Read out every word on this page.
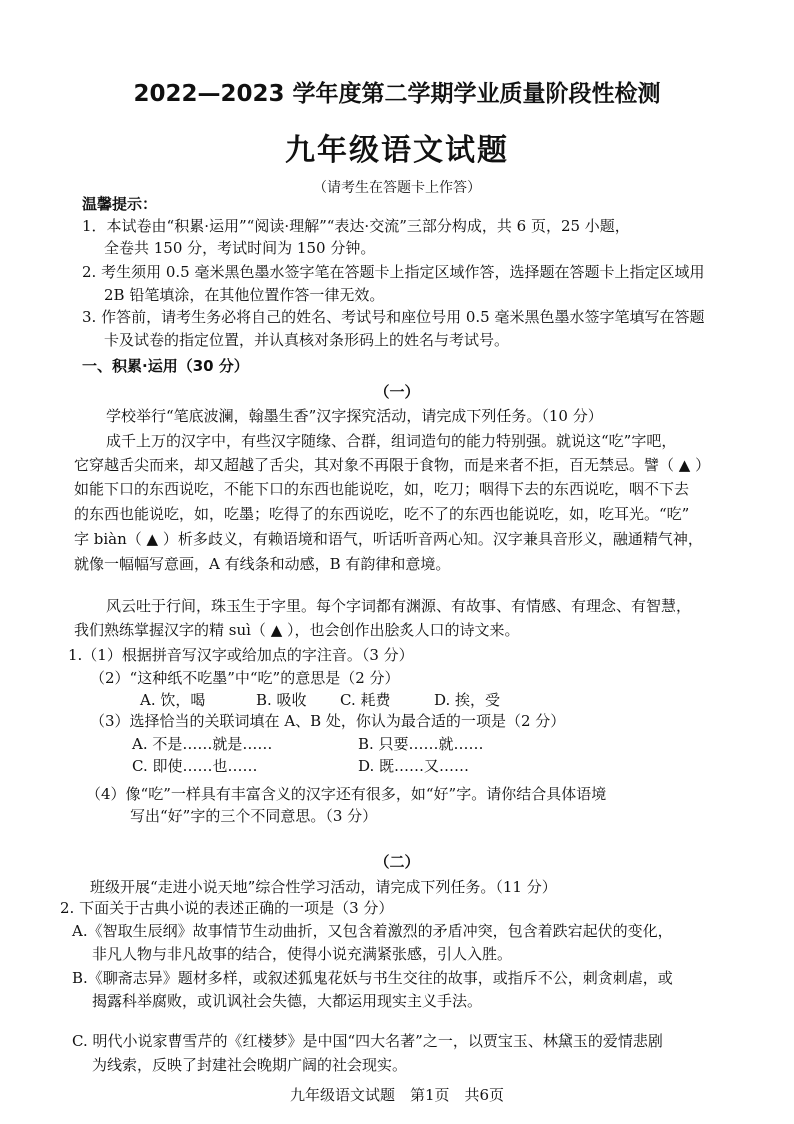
2022—2023 学年度第二学期学业质量阶段性检测
九年级语文试题
（请考生在答题卡上作答）
温馨提示：
1．本试卷由“积累·运用”“阅读·理解”“表达·交流”三部分构成，共 6 页，25 小题，
全卷共 150 分，考试时间为 150 分钟。
2. 考生须用 0.5 毫米黑色墨水签字笔在答题卡上指定区域作答，选择题在答题卡上指定区域用
2B 铅笔填涂，在其他位置作答一律无效。
3. 作答前，请考生务必将自己的姓名、考试号和座位号用 0.5 毫米黑色墨水签字笔填写在答题
卡及试卷的指定位置，并认真核对条形码上的姓名与考试号。
一、积累·运用（30 分）
（一）
学校举行“笔底波澜，翰墨生香”汉字探究活动，请完成下列任务。（10 分）
成千上万的汉字中，有些汉字随缘、合群，组词造句的能力特别强。就说这“吃”字吧，
它穿越舌尖而来，却又超越了舌尖，其对象不再限于食物，而是来者不拒，百无禁忌。譬（ ▲ ）
如能下口的东西说吃，不能下口的东西也能说吃，如，吃刀；咽得下去的东西说吃，咽不下去
的东西也能说吃，如，吃墨；吃得了的东西说吃，吃不了的东西也能说吃，如，吃耳光。“吃”
字 biàn（ ▲ ）析多歧义，有赖语境和语气，听话听音两心知。汉字兼具音形义，融通精气神，
就像一幅幅写意画，A 有线条和动感，B 有韵律和意境。
风云吐于行间，珠玉生于字里。每个字词都有渊源、有故事、有情感、有理念、有智慧，
我们熟练掌握汉字的精 suì（ ▲ ），也会创作出脍炙人口的诗文来。
1.（1）根据拼音写汉字或给加点的字注音。（3 分）
（2）“这种纸不吃墨”中“吃”的意思是（2 分）
A. 饮，喝	B. 吸收 C. 耗费	D. 挨，受
（3）选择恰当的关联词填在 A、B 处，你认为最合适的一项是（2 分）
A. 不是……就是……	B. 只要……就……
C. 即使……也……	D. 既……又……
（4）像“吃”一样具有丰富含义的汉字还有很多，如“好”字。请你结合具体语境
写出“好”字的三个不同意思。（3 分）
（二）
班级开展“走进小说天地”综合性学习活动，请完成下列任务。（11 分）
2. 下面关于古典小说的表述正确的一项是（3 分）
A.《智取生辰纲》故事情节生动曲折，又包含着激烈的矛盾冲突，包含着跌宕起伏的变化，
非凡人物与非凡故事的结合，使得小说充满紧张感，引人入胜。
B.《聊斋志异》题材多样，或叙述狐鬼花妖与书生交往的故事，或指斥不公，刺贪刺虐，或
揭露科举腐败，或讥讽社会失德，大都运用现实主义手法。
C. 明代小说家曹雪芹的《红楼梦》是中国“四大名著”之一，以贾宝玉、林黛玉的爱情悲剧
为线索，反映了封建社会晚期广阔的社会现实。
九年级语文试题　第1页　共6页
